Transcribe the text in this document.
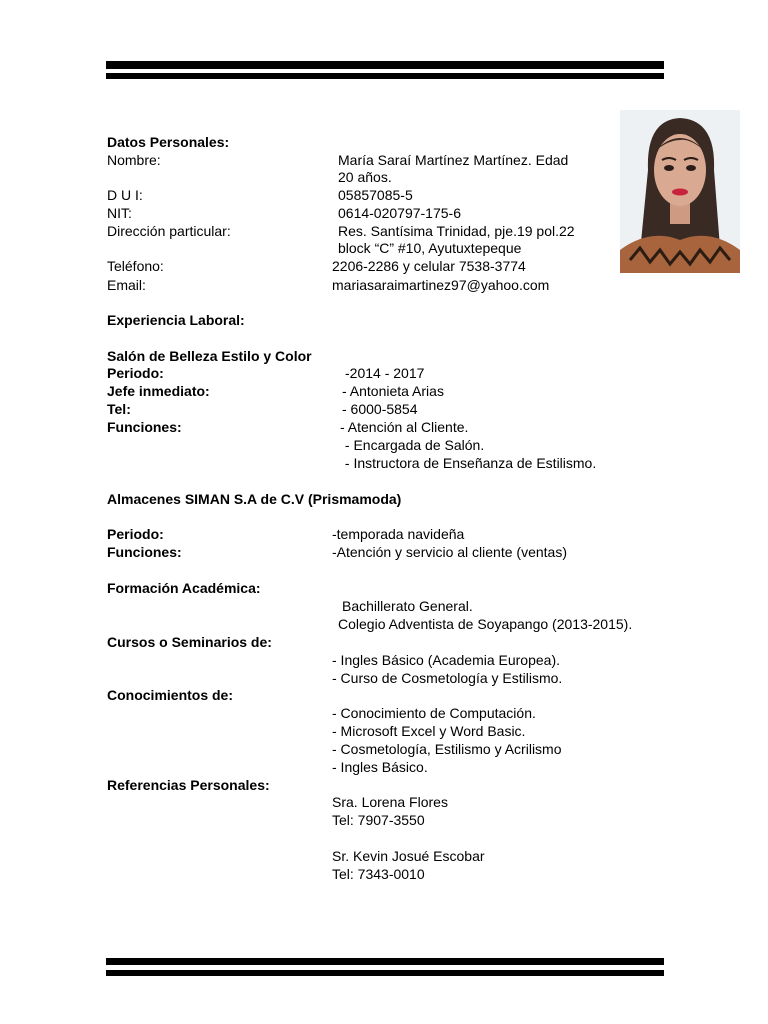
Datos Personales:
Nombre:	María Saraí Martínez Martínez. Edad
20 años.
D U I:	05857085-5
NIT:	0614-020797-175-6
Dirección particular:	Res. Santísima Trinidad, pje.19 pol.22
block “C” #10, Ayutuxtepeque
Teléfono:	2206-2286 y celular 7538-3774
Email:	mariasaraimartinez97@yahoo.com
Experiencia Laboral:
Salón de Belleza Estilo y Color
Periodo:	-2014 - 2017
Jefe inmediato:	- Antonieta Arias
Tel:	- 6000-5854
Funciones:	- Atención al Cliente.
- Encargada de Salón.
- Instructora de Enseñanza de Estilismo.
Almacenes SIMAN S.A de C.V (Prismamoda)
Periodo:	-temporada navideña
Funciones:	-Atención y servicio al cliente (ventas)
Formación Académica:
Bachillerato General.
Colegio Adventista de Soyapango (2013-2015).
Cursos o Seminarios de:
- Ingles Básico (Academia Europea).
- Curso de Cosmetología y Estilismo.
Conocimientos de:
- Conocimiento de Computación.
- Microsoft Excel y Word Basic.
- Cosmetología, Estilismo y Acrilismo
- Ingles Básico.
Referencias Personales:
Sra. Lorena Flores
Tel: 7907-3550
Sr. Kevin Josué Escobar
Tel: 7343-0010
